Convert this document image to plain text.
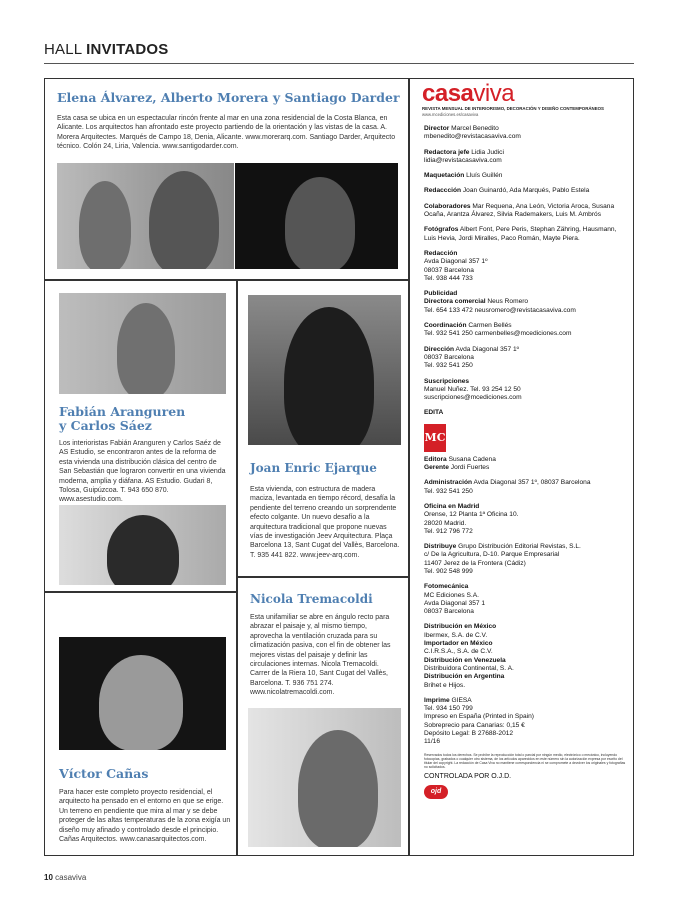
HALL INVITADOS
Elena Álvarez, Alberto Morera y Santiago Darder
Esta casa se ubica en un espectacular rincón frente al mar en una zona residencial de la Costa Blanca, en Alicante. Los arquitectos han afrontado este proyecto partiendo de la orientación y las vistas de la casa. A. Morera Arquitectes. Marqués de Campo 18, Denia, Alicante. www.morerarq.com. Santiago Darder, Arquitecto técnico. Colón 24, Liria, Valencia. www.santigodarder.com.
Fabián Aranguren
y Carlos Sáez
Los interioristas Fabián Aranguren y Carlos Saéz de AS Estudio, se encontraron antes de la reforma de esta vivienda una distribución clásica del centro de San Sebastián que lograron convertir en una vivienda moderna, amplia y diáfana. AS Estudio. Gudari 8, Tolosa, Guipúzcoa. T. 943 650 870. www.asestudio.com.
Joan Enric Ejarque
Esta vivienda, con estructura de madera maciza, levantada en tiempo récord, desafía la pendiente del terreno creando un sorprendente efecto colgante. Un nuevo desafío a la arquitectura tradicional que propone nuevas vías de investigación Jeev Arquitectura. Plaça Barcelona 13, Sant Cugat del Vallès, Barcelona. T. 935 441 822. www.jeev-arq.com.
Nicola Tremacoldi
Esta unifamiliar se abre en ángulo recto para abrazar el paisaje y, al mismo tiempo, aprovecha la ventilación cruzada para su climatización pasiva, con el fin de obtener las mejores vistas del paisaje y definir las circulaciones internas. Nicola Tremacoldi. Carrer de la Riera 10, Sant Cugat del Vallès, Barcelona. T. 936 751 274. www.nicolatremacoldi.com.
Víctor Cañas
Para hacer este completo proyecto residencial, el arquitecto ha pensado en el entorno en que se erige. Un terreno en pendiente que mira al mar y se debe proteger de las altas temperaturas de la zona exigía un diseño muy afinado y controlado desde el principio. Cañas Arquitectos. www.canasarquitectos.com.
casaviva
REVISTA MENSUAL DE INTERIORISMO, DECORACIÓN Y DISEÑO CONTEMPORÁNEOS
www.mcediciones.es/casaviva
Director Marcel Benedito
mbenedito@revistacasaviva.com
Redactora jefe Lidia Judici
lidia@revistacasaviva.com
Maquetación Lluís Guillén
Redaccción Joan Guinardó, Ada Marqués, Pablo Estela
Colaboradores Mar Requena, Ana León, Victoria Aroca, Susana Ocaña, Arantza Álvarez, Silvia Rademakers, Luis M. Ambrós
Fotógrafos Albert Font, Pere Peris, Stephan Zähring, Hausmann, Luis Hevia, Jordi Miralles, Paco Román, Mayte Piera.
Redacción
Avda Diagonal 357 1º
08037 Barcelona
Tel. 938 444 733
Publicidad
Directora comercial Neus Romero
Tel. 654 133 472 neusromero@revistacasaviva.com
Coordinación Carmen Bellés
Tel. 932 541 250 carmenbelles@mcediciones.com
Dirección Avda Diagonal 357 1º
08037 Barcelona
Tel. 932 541 250
Suscripciones
Manuel Nuñez. Tel. 93 254 12 50
suscripciones@mcediciones.com
EDITA
MC
Editora Susana Cadena
Gerente Jordi Fuertes
Administración Avda Diagonal 357 1º, 08037 Barcelona
Tel. 932 541 250
Oficina en Madrid
Orense, 12 Planta 1ª Oficina 10.
28020 Madrid.
Tel. 912 796 772
Distribuye Grupo Distribución Editorial Revistas, S.L.
c/ De la Agricultura, D-10. Parque Empresarial
11407 Jerez de la Frontera (Cádiz)
Tel. 902 548 999
Fotomecánica
MC Ediciones S.A.
Avda Diagonal 357 1
08037 Barcelona
Distribución en México
Ibermex, S.A. de C.V.
Importador en México
C.I.R.S.A., S.A. de C.V.
Distribución en Venezuela
Distribuidora Continental, S. A.
Distribución en Argentina
Brihet e Hijos.
Imprime GIESA
Tel. 934 150 799
Impreso en España (Printed in Spain)
Sobreprecio para Canarias: 0,15 €
Depósito Legal: B 27688-2012
11/16
Reservados todos los derechos. Se prohíbe la reproducción total o parcial por ningún medio, electrónico o mecánico, incluyendo fotocopias, grabados o cualquier otro sistema, de los artículos aparecidos en este número sin la autorización expresa por escrito del titular del copyright. La redacción de Casa Viva no mantiene correspondencia ni se compromete a devolver los originales y fotografías no solicitados.
CONTROLADA POR O.J.D.
ojd
10 casaviva
